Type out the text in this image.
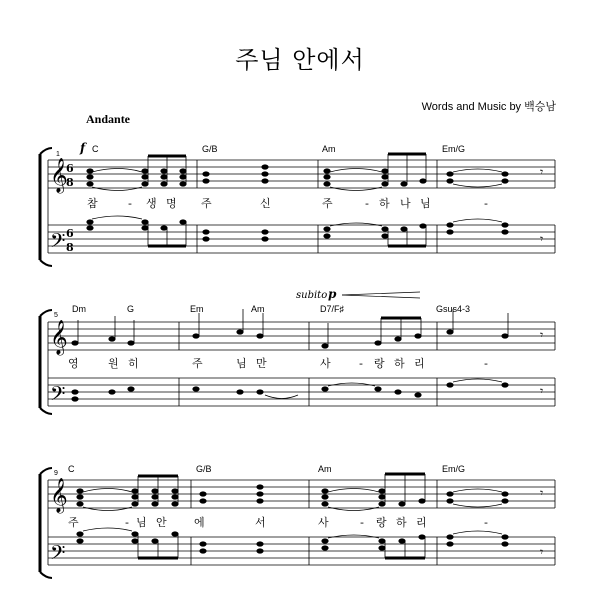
주님 안에서
Words and Music by 백승남
Andante
𝄞
𝄢
6
8
6
8
1 f C	G/B	Am	Em/G
𝄾
𝄾
참	- 생 명 주	신	주	- 하 나 님	-
𝄞
𝄢
5
subito p
Dm	G	Em	Am	D7/F♯	Gsus4-3
𝄾
𝄾
영	원 히	주	님 만	사	- 랑 하 리	-
𝄞
𝄢
9 C	G/B	Am	Em/G
𝄾
𝄾
주	- 님 안 에	서	사	- 랑 하 리	-
